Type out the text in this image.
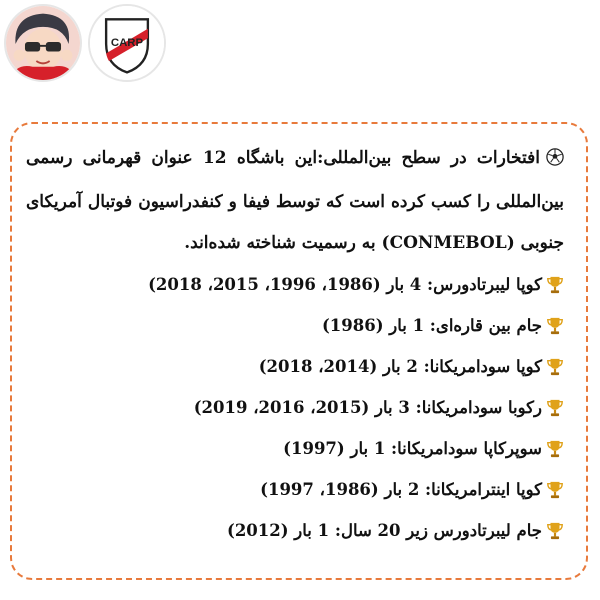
CARP

افتخارات در سطح بین‌المللی:این باشگاه 12 عنوان قهرمانی رسمی بین‌المللی را کسب کرده است که توسط فیفا و کنفدراسیون فوتبال آمریکای جنوبی (CONMEBOL) به رسمیت شناخته شده‌اند.

کوپا لیبرتادورس: 4 بار (1986، 1996، 2015، 2018)
جام بین قاره‌ای: 1 بار (1986)
کوپا سودامریکانا: 2 بار (2014، 2018)
رکوبا سودامریکانا: 3 بار (2015، 2016، 2019)
سوپرکاپا سودامریکانا: 1 بار (1997)
کوپا اینترامریکانا: 2 بار (1986، 1997)
جام لیبرتادورس زیر 20 سال: 1 بار (2012)
